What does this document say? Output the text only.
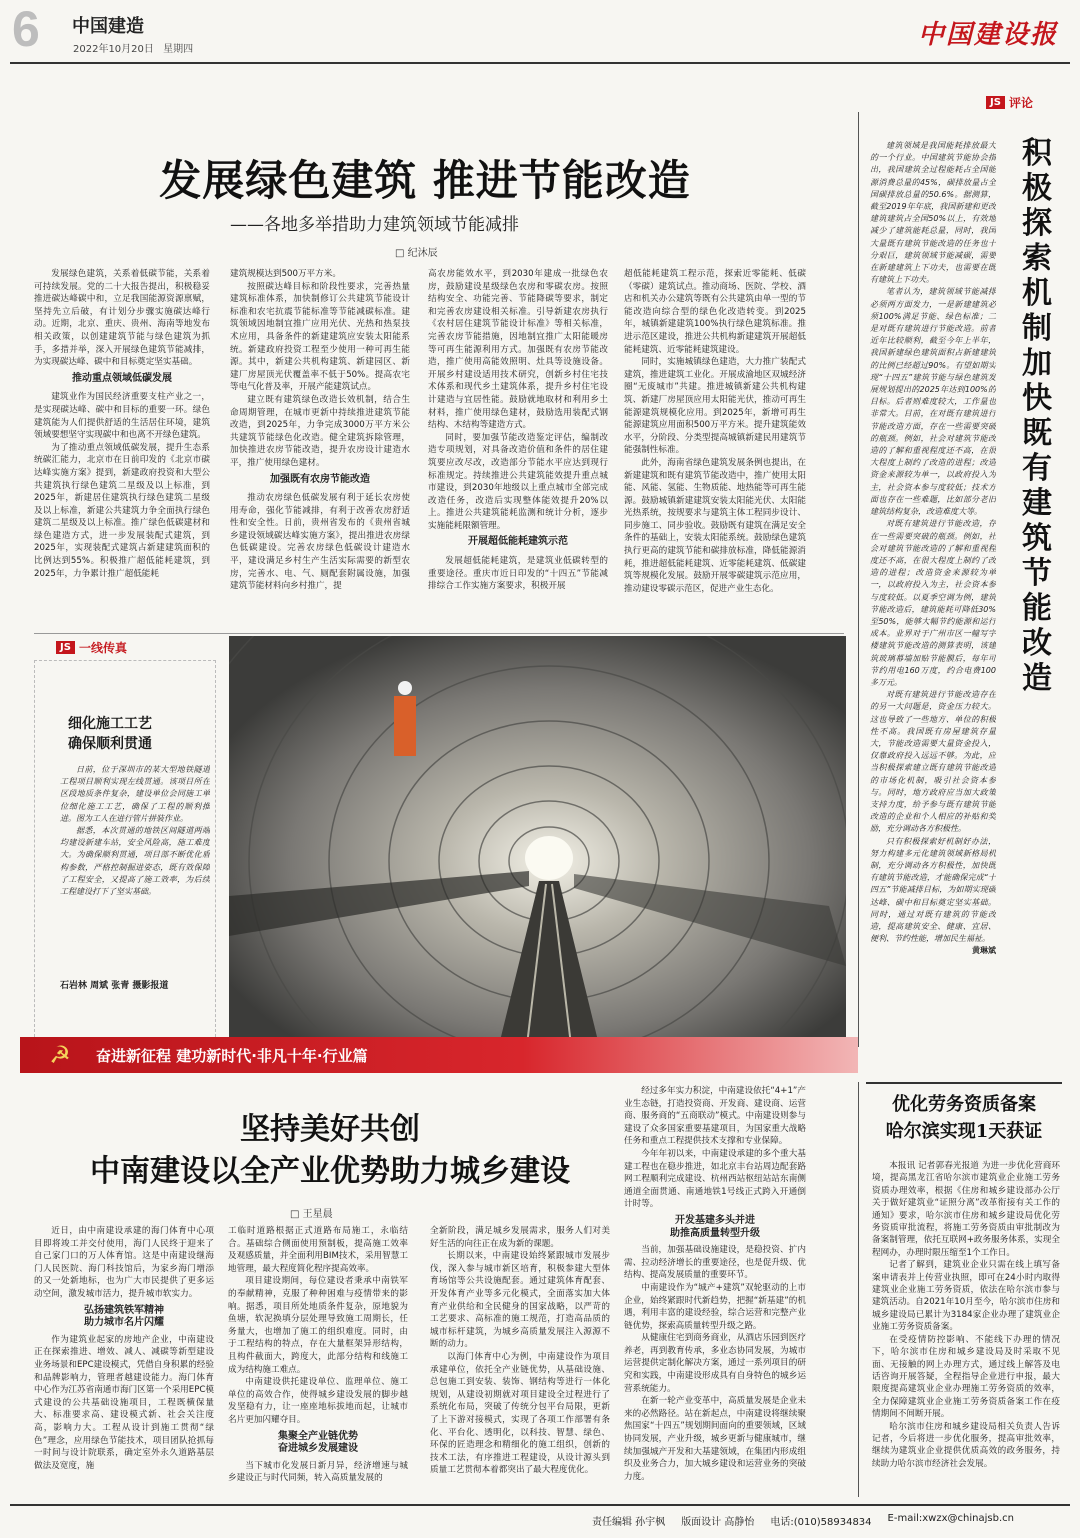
6 中国建造
2022年10月20日 星期四	中国建设报
发展绿色建筑 推进节能改造
——各地多举措助力建筑领域节能减排
□ 纪沐辰

发展绿色建筑，关系着低碳节能，关系着可持续发展。党的二十大报告提出，积极稳妥推进碳达峰碳中和，立足我国能源资源禀赋，坚持先立后破，有计划分步骤实施碳达峰行动。近期，北京、重庆、贵州、海南等地发布相关政策，以创建建筑节能与绿色建筑为抓手，多措并举，深入开展绿色建筑节能减排，为实现碳达峰、碳中和目标奠定坚实基础。

推动重点领域低碳发展

建筑业作为国民经济重要支柱产业之一，是实现碳达峰、碳中和目标的重要一环。绿色建筑能为人们提供舒适的生活居住环境，建筑领域要想坚守实现碳中和也离不开绿色建筑。

为了推动重点领域低碳发展，提升生态系统碳汇能力，北京市在日前印发的《北京市碳达峰实施方案》提到，新建政府投资和大型公共建筑执行绿色建筑二星级及以上标准，到2025年，新建居住建筑执行绿色建筑二星级及以上标准，新建公共建筑力争全面执行绿色建筑二星级及以上标准。推广绿色低碳建材和绿色建造方式，进一步发展装配式建筑，到2025年，实现装配式建筑占新建建筑面积的比例达到55%。积极推广超低能耗建筑，到2025年，力争累计推广超低能耗

建筑规模达到500万平方米。

按照碳达峰目标和阶段性要求，完善热量建筑标准体系，加快制修订公共建筑节能设计标准和农宅抗震节能标准等节能减碳标准。建筑领域因地制宜推广应用光伏、光热和热泵技术应用，具备条件的新建建筑应安装太阳能系统。新建政府投资工程至少使用一种可再生能源。其中，新建公共机构建筑、新建园区、新建厂房屋顶光伏覆盖率不低于50%。提高农宅等电气化普及率，开展产能建筑试点。

建立既有建筑绿色改造长效机制，结合生命周期管理，在城市更新中持续推进建筑节能改造，到2025年，力争完成3000万平方米公共建筑节能绿色化改造。健全建筑拆除管理，加快推进农房节能改造，提升农房设计建造水平，推广使用绿色建材。

加强既有农房节能改造

推动农房绿色低碳发展有利于延长农房使用寿命，强化节能减排，有利于改善农房舒适性和安全性。日前，贵州省发布的《贵州省城乡建设领域碳达峰实施方案》，提出推进农房绿色低碳建设。完善农房绿色低碳设计建造水平，建设满足乡村生产生活实际需要的新型农房，完善水、电、气、厕配套附属设施，加强建筑节能材料向乡村推广，提

高农房能效水平，到2030年建成一批绿色农房，鼓励建设星级绿色农房和零碳农房。按照结构安全、功能完善、节能降碳等要求，制定和完善农房建设相关标准。引导新建农房执行《农村居住建筑节能设计标准》等相关标准，完善农房节能措施，因地制宜推广太阳能暖房等可再生能源利用方式。加强既有农房节能改造，推广使用高能效照明、灶具等设施设备。开展乡村建设适用技术研究，创新乡村住宅技术体系和现代乡土建筑体系，提升乡村住宅设计建造与宜居性能。鼓励就地取材和利用乡土材料，推广使用绿色建材，鼓励选用装配式钢结构、木结构等建造方式。

同时，要加强节能改造鉴定评估，编制改造专项规划，对具备改造价值和条件的居住建筑要应改尽改，改造部分节能水平应达到现行标准规定。持续推进公共建筑能效提升重点城市建设，到2030年地级以上重点城市全部完成改造任务，改造后实现整体能效提升20%以上。推进公共建筑能耗监测和统计分析，逐步实施能耗限额管理。

开展超低能耗建筑示范

发展超低能耗建筑，是建筑业低碳转型的重要途径。重庆市近日印发的“十四五”节能减排综合工作实施方案要求，积极开展

超低能耗建筑工程示范，探索近零能耗、低碳（零碳）建筑试点。推动商场、医院、学校、酒店和机关办公建筑等既有公共建筑由单一型的节能改造向综合型的绿色化改造转变。到2025年，城镇新建建筑100%执行绿色建筑标准。推进示范区建设，推进公共机构新建建筑开展超低能耗建筑、近零能耗建筑建设。

同时，实施城镇绿色建造，大力推广装配式建筑，推进建筑工业化。开展成渝地区双城经济圈“无废城市”共建。推进城镇新建公共机构建筑、新建厂房屋顶应用太阳能光伏，推动可再生能源建筑规模化应用。到2025年，新增可再生能源建筑应用面积500万平方米。提升建筑能效水平，分阶段、分类型提高城镇新建民用建筑节能强制性标准。

此外，海南省绿色建筑发展条例也提出，在新建建筑和既有建筑节能改造中，推广使用太阳能、风能、氢能、生物质能、地热能等可再生能源。鼓励城镇新建建筑安装太阳能光伏、太阳能光热系统，按规要求与建筑主体工程同步设计、同步施工、同步验收。鼓励既有建筑在满足安全条件的基础上，安装太阳能系统。鼓励绿色建筑执行更高的建筑节能和碳排放标准，降低能源消耗，推进超低能耗建筑、近零能耗建筑、低碳建筑等规模化发展。鼓励开展零碳建筑示范应用，推动建设零碳示范区，促进产业生态化。

JS 评论

建筑领域是我国能耗排放最大的一个行业。中国建筑节能协会指出，我国建筑全过程能耗占全国能源消费总量的45%，碳排放量占全国碳排放总量的50.6%。据测算，截至2019年年底，我国新建和更改建筑建筑占全国50%以上，有效地减少了建筑能耗总量，同时，我国大量既有建筑节能改造的任务也十分艰巨，建筑领域节能减碳，需要在新建建筑上下功夫，也需要在既有建筑上下功夫。

笔者认为，建筑领域节能减排必须两方面发力，一是新建建筑必须100%满足节能、绿色标准；二是对既有建筑进行节能改造。前者近年比较顺利，截至今年上半年，我国新建绿色建筑面积占新建建筑的比例已经超过90%。有望如期实现“十四五”建筑节能与绿色建筑发展规划提出的2025年达到100%的目标。后者则难度较大，工作量也非常大。目前，在对既有建筑进行节能改造方面，存在一些需要突破的瓶颈。例如，社会对建筑节能改造的了解和重视程度还不高，在很大程度上制约了改造的进程；改造资金来源较为单一，以政府投入为主，社会资本参与度较低；技术方面也存在一些难题，比如部分老旧建筑结构复杂，改造难度大等。

对既有建筑进行节能改造，存在一些需要突破的瓶颈。例如，社会对建筑节能改造的了解和重视程度还不高，在很大程度上制约了改造的进程；改造资金来源较为单一，以政府投入为主，社会资本参与度较低。以夏季空调为例，建筑节能改造后，建筑能耗可降低30%至50%，能够大幅节约能源和运行成本。业界对于广州市区一幢写字楼建筑节能改造的测算表明，该建筑玻璃幕墙加贴节能膜后，每年可节约用电160万度，约合电费100多万元。

对既有建筑进行节能改造存在的另一大问题是，资金压力较大。这也导致了一些地方、单位的积极性不高。我国既有房屋建筑存量大，节能改造需要大量资金投入，仅靠政府投入远远不够。为此，应当积极探索建立既有建筑节能改造的市场化机制，吸引社会资本参与。同时，地方政府应当加大政策支持力度，给予参与既有建筑节能改造的企业和个人相应的补贴和奖励，充分调动各方积极性。

只有积极探索好机制好办法，努力构建多元化建筑领域新格局机制，充分调动各方积极性，加快既有建筑节能改造，才能确保完成“十四五”节能减排目标，为如期实现碳达峰、碳中和目标奠定坚实基础。同时，通过对既有建筑的节能改造，提高建筑安全、健康、宜居、便利、节约性能，增加民生福祉。

黄琳斌
积极探索机制加快既有建筑节能改造
JS 一线传真
细化施工工艺
确保顺利贯通

日前，位于深圳市的某大型地铁隧道工程项目顺利实现左线贯通。该项目所在区段地质条件复杂，建设单位会同施工单位细化施工工艺，确保了工程的顺利推进。图为工人在进行管片拼装作业。

据悉，本次贯通的地铁区间隧道两端均建设新建车站，安全风险高，施工难度大。为确保顺利贯通，项目部不断优化盾构参数，严格控制掘进姿态，既有效保障了工程安全，又提高了施工效率，为后续工程建设打下了坚实基础。

石岩林 周斌 张青 摄影报道
☭ 奋进新征程 建功新时代·非凡十年·行业篇
坚持美好共创
中南建设以全产业优势助力城乡建设
□ 王星晨

近日，由中南建设承建的海门体育中心项目即将竣工并交付使用，海门人民终于迎来了自己家门口的万人体育馆。这是中南建设继海门人民医院、海门科技馆后，为家乡海门增添的又一处新地标，也为广大市民提供了更多运动空间，激发城市活力，提升城市软实力。

弘扬建筑铁军精神
助力城市名片闪耀

作为建筑业起家的房地产企业，中南建设正在探索推进、增效、减人、减碳等新型建设业务场景和EPC建设模式，凭借自身积累的经验和品牌影响力，管理者越建设能力。海门体育中心作为江苏省南通市海门区第一个采用EPC模式建设的公共基础设施项目，工程既横保量大、标准要求高、建设模式新、社会关注度高，影响力大。工程从设计到施工贯彻“绿色”理念，应用绿色节能技术，项目团队抢抓每一时间与设计院联系，确定室外永久道路基层做法及宽度，施

工临时道路根据正式道路布局施工，永临结合。基础综合侧面使用预制板，提高施工效率及观感质量，并全面利用BIM技术，采用智慧工地管理，最大程度简化程序提高效率。

项目建设期间，每位建设者秉承中南铁军的奉献精神，克服了种种困难与疫情带来的影响。据悉，项目所处地质条件复杂，原地貌为鱼塘，软泥换填分层处理导致施工周期长，任务量大，也增加了施工的组织难度。同时，由于工程结构的特点，存在大量框架异形结构，且构件截面大，跨度大，此部分结构和线施工成为结构施工难点。

中南建设供托建设单位、监理单位、施工单位的高效合作，使得城乡建设发展的脚步越发坚稳有力，让一座座地标拔地而起，让城市名片更加闪耀夺目。

集聚全产业链优势
奋进城乡发展建设

当下城市化发展日新月异，经济增速与城乡建设正与时代同频，转入高质量发展的

全新阶段，满足城乡发展需求，服务人们对美好生活的向往正在成为新的课题。

长期以来，中南建设始终紧跟城市发展步伐，深入参与城市新区培育，积极参建大型体育场馆等公共设施配套。通过建筑体育配套、开发体育产业等多元化模式，全面落实加大体育产业供给和全民健身的国家战略，以严苛的工艺要求、高标准的施工规范，打造高品质的城市标杆建筑，为城乡高质量发展注入源源不断的动力。

以海门体育中心为例，中南建设作为项目承建单位，依托全产业链优势，从基础设施、总包施工到安装、装饰、钢结构等进行一体化规划，从建设初期就对项目建设全过程进行了系统化布局，突破了传统分包平台局限，更新了上下游对接模式，实现了各项工作部署有条化、平台化、透明化，以科技、智慧、绿色、环保的匠造理念和精细化的施工组织，创新的技术工法，有序推进工程建设，从设计源头到质量工艺贯彻本着都突出了最大程度优化。

经过多年实力积淀，中南建设依托“4+1”产业生态链，打造投资商、开发商、建设商、运营商、服务商的“五商联动”模式。中南建设则参与建设了众多国家重要基建项目，为国家重大战略任务和重点工程提供技术支撑和专业保障。

今年年初以来，中南建设承建的多个重大基建工程也在稳步推进，如北京丰台站周边配套路网工程顺利完成建设、杭州西站枢纽站站东南侧通道全面贯通、南通地铁1号线正式跨入开通倒计时等。

开发基建多头并进
助推高质量转型升级

当前，加强基础设施建设，是稳投资、扩内需、拉动经济增长的重要途径，也是促升级、优结构、提高发展质量的重要环节。

中南建设作为“城产+建筑”双轮驱动的上市企业，始终紧跟时代新趋势，把握“新基建”的机遇，利用丰富的建设经验，综合运营和完整产业链优势，探索高质量转型升级之路。

从健康住宅到商务商业，从酒店乐园到医疗养老，再到教育传承，多业态协同发展，为城市运营提供定制化解决方案，通过一系列项目的研究和实践，中南建设形成具有自身特色的城乡运营系统能力。

在新一轮产业变革中，高质量发展是企业未来的必然路径。站在新起点，中南建设将继续聚焦国家“十四五”规划期间面向的重要领域，区域协同发展，产业升级，城乡更新与健康城市，继续加强城产开发和大基建领域，在集团内形成组织及业务合力，加大城乡建设和运营业务的突破力度。

优化劳务资质备案
哈尔滨实现1天获证

本报讯 记者郭春光报道 为进一步优化营商环境，提高黑龙江省哈尔滨市建筑业企业施工劳务资质办理效率，根据《住房和城乡建设部办公厅关于做好建筑业“证照分离”改革衔接有关工作的通知》要求，哈尔滨市住房和城乡建设局优化劳务资质审批流程，将施工劳务资质由审批制改为备案制管理，依托互联网+政务服务体系，实现全程网办，办理时限压缩至1个工作日。

记者了解到，建筑业企业只需在线上填写备案申请表并上传营业执照，即可在24小时内取得建筑业企业施工劳务资质，依法在哈尔滨市参与建筑活动。自2021年10月至今，哈尔滨市住房和城乡建设局已累计为3184家企业办理了建筑业企业施工劳务资质备案。

在受疫情防控影响、不能线下办理的情况下，哈尔滨市住房和城乡建设局及时采取不见面、无接触的网上办理方式，通过线上解答及电话咨询开展答疑，全程指导企业进行申报，最大限度提高建筑业企业办理施工劳务资质的效率，全力保障建筑业企业施工劳务资质备案工作在疫情期间不间断开展。

哈尔滨市住房和城乡建设局相关负责人告诉记者，今后将进一步优化服务，提高审批效率，继续为建筑业企业提供优质高效的政务服务，持续助力哈尔滨市经济社会发展。

责任编辑 孙宇枫 版面设计 高静怡 电话:(010)58934834 E-mail:xwzx@chinajsb.cn
